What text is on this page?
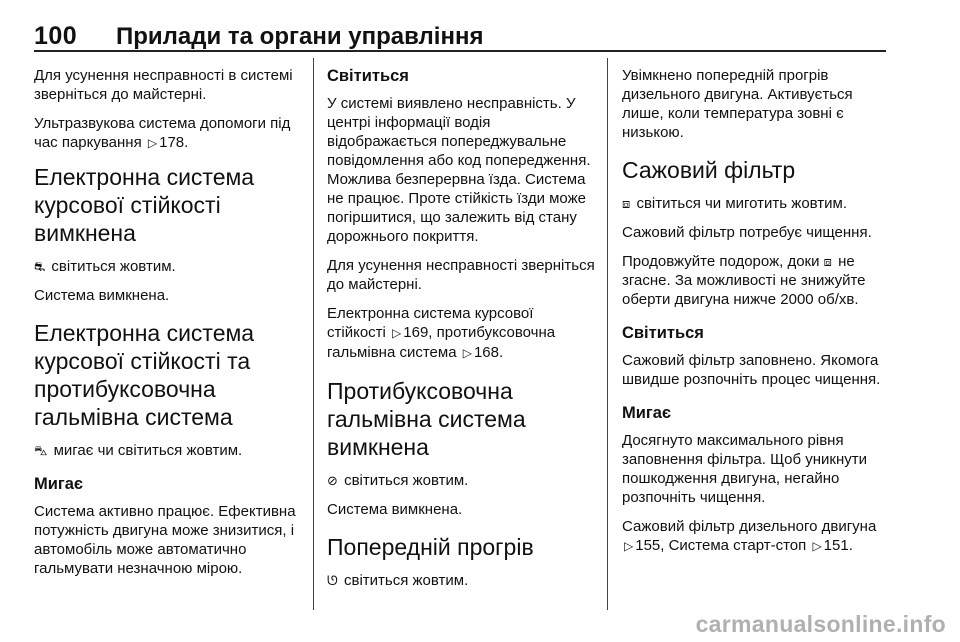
100 Прилади та органи управління

Для усунення несправності в системі зверніться до майстерні.

Ультразвукова система допомоги під час паркування ▷ 178.

Електронна система курсової стійкості вимкнена

⛐ світиться жовтим.

Система вимкнена.

Електронна система курсової стійкості та протибуксовочна гальмівна система

⛍ мигає чи світиться жовтим.

Мигає

Система активно працює. Ефективна потужність двигуна може знизитися, і автомобіль може автоматично гальмувати незначною мірою.

Світиться

У системі виявлено несправність. У центрі інформації водія відображається попереджувальне повідомлення або код попередження. Можлива безперервна їзда. Система не працює. Проте стійкість їзди може погіршитися, що залежить від стану дорожнього покриття.

Для усунення несправності зверніться до майстерні.

Електронна система курсової стійкості ▷ 169, протибуксовочна гальмівна система ▷ 168.

Протибуксовочна гальмівна система вимкнена

⊘ світиться жовтим.

Система вимкнена.

Попередній прогрів

ᘎ світиться жовтим.

Увімкнено попередній прогрів дизельного двигуна. Активується лише, коли температура зовні є низькою.

Сажовий фільтр

⧈ світиться чи миготить жовтим.

Сажовий фільтр потребує чищення.

Продовжуйте подорож, доки ⧈ не згасне. За можливості не знижуйте оберти двигуна нижче 2000 об/хв.

Світиться

Сажовий фільтр заповнено. Якомога швидше розпочніть процес чищення.

Мигає

Досягнуто максимального рівня заповнення фільтра. Щоб уникнути пошкодження двигуна, негайно розпочніть чищення.

Сажовий фільтр дизельного двигуна ▷ 155, Система старт-стоп ▷ 151.

carmanualsonline.info
